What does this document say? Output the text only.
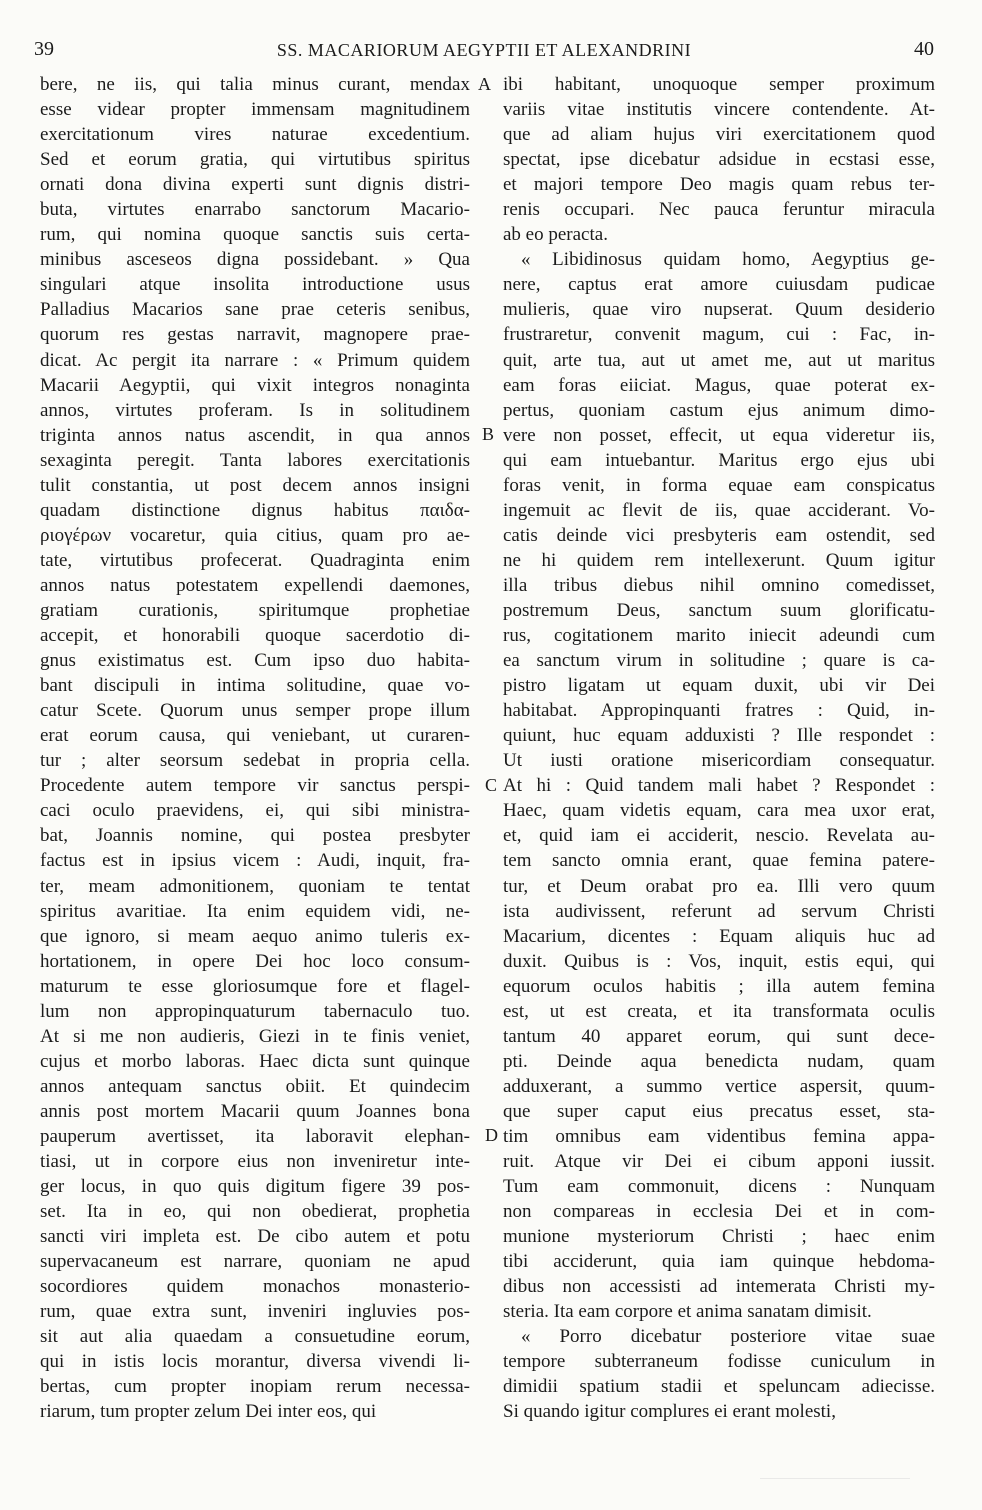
39	SS. MACARIORUM AEGYPTII ET ALEXANDRINI	40
A
B
C
D
bere, ne iis, qui talia minus curant, mendax
esse videar propter immensam magnitudinem
exercitationum vires naturae excedentium.
Sed et eorum gratia, qui virtutibus spiritus
ornati dona divina experti sunt dignis distri-
buta, virtutes enarrabo sanctorum Macario-
rum, qui nomina quoque sanctis suis certa-
minibus asceseos digna possidebant. » Qua
singulari atque insolita introductione usus
Palladius Macarios sane prae ceteris senibus,
quorum res gestas narravit, magnopere prae-
dicat. Ac pergit ita narrare : « Primum quidem
Macarii Aegyptii, qui vixit integros nonaginta
annos, virtutes proferam. Is in solitudinem
triginta annos natus ascendit, in qua annos
sexaginta peregit. Tanta labores exercitationis
tulit constantia, ut post decem annos insigni
quadam distinctione dignus habitus παιδα-
ριογέρων vocaretur, quia citius, quam pro ae-
tate, virtutibus profecerat. Quadraginta enim
annos natus potestatem expellendi daemones,
gratiam curationis, spiritumque prophetiae
accepit, et honorabili quoque sacerdotio di-
gnus existimatus est. Cum ipso duo habita-
bant discipuli in intima solitudine, quae vo-
catur Scete. Quorum unus semper prope illum
erat eorum causa, qui veniebant, ut curaren-
tur ; alter seorsum sedebat in propria cella.
Procedente autem tempore vir sanctus perspi-
caci oculo praevidens, ei, qui sibi ministra-
bat, Joannis nomine, qui postea presbyter
factus est in ipsius vicem : Audi, inquit, fra-
ter, meam admonitionem, quoniam te tentat
spiritus avaritiae. Ita enim equidem vidi, ne-
que ignoro, si meam aequo animo tuleris ex-
hortationem, in opere Dei hoc loco consum-
maturum te esse gloriosumque fore et flagel-
lum non appropinquaturum tabernaculo tuo.
At si me non audieris, Giezi in te finis veniet,
cujus et morbo laboras. Haec dicta sunt quinque
annos antequam sanctus obiit. Et quindecim
annis post mortem Macarii quum Joannes bona
pauperum avertisset, ita laboravit elephan-
tiasi, ut in corpore eius non inveniretur inte-
ger locus, in quo quis digitum figere 39 pos-
set. Ita in eo, qui non obedierat, prophetia
sancti viri impleta est. De cibo autem et potu
supervacaneum est narrare, quoniam ne apud
socordiores quidem monachos monasterio-
rum, quae extra sunt, inveniri ingluvies pos-
sit aut alia quaedam a consuetudine eorum,
qui in istis locis morantur, diversa vivendi li-
bertas, cum propter inopiam rerum necessa-
riarum, tum propter zelum Dei inter eos, qui
ibi habitant, unoquoque semper proximum
variis vitae institutis vincere contendente. At-
que ad aliam hujus viri exercitationem quod
spectat, ipse dicebatur adsidue in ecstasi esse,
et majori tempore Deo magis quam rebus ter-
renis occupari. Nec pauca feruntur miracula
ab eo peracta.
« Libidinosus quidam homo, Aegyptius ge-
nere, captus erat amore cuiusdam pudicae
mulieris, quae viro nupserat. Quum desiderio
frustraretur, convenit magum, cui : Fac, in-
quit, arte tua, aut ut amet me, aut ut maritus
eam foras eiiciat. Magus, quae poterat ex-
pertus, quoniam castum ejus animum dimo-
vere non posset, effecit, ut equa videretur iis,
qui eam intuebantur. Maritus ergo ejus ubi
foras venit, in forma equae eam conspicatus
ingemuit ac flevit de iis, quae acciderant. Vo-
catis deinde vici presbyteris eam ostendit, sed
ne hi quidem rem intellexerunt. Quum igitur
illa tribus diebus nihil omnino comedisset,
postremum Deus, sanctum suum glorificatu-
rus, cogitationem marito iniecit adeundi cum
ea sanctum virum in solitudine ; quare is ca-
pistro ligatam ut equam duxit, ubi vir Dei
habitabat. Appropinquanti fratres : Quid, in-
quiunt, huc equam adduxisti ? Ille respondet :
Ut iusti oratione misericordiam consequatur.
At hi : Quid tandem mali habet ? Respondet :
Haec, quam videtis equam, cara mea uxor erat,
et, quid iam ei acciderit, nescio. Revelata au-
tem sancto omnia erant, quae femina patere-
tur, et Deum orabat pro ea. Illi vero quum
ista audivissent, referunt ad servum Christi
Macarium, dicentes : Equam aliquis huc ad
duxit. Quibus is : Vos, inquit, estis equi, qui
equorum oculos habitis ; illa autem femina
est, ut est creata, et ita transformata oculis
tantum 40 apparet eorum, qui sunt dece-
pti. Deinde aqua benedicta nudam, quam
adduxerant, a summo vertice aspersit, quum-
que super caput eius precatus esset, sta-
tim omnibus eam videntibus femina appa-
ruit. Atque vir Dei ei cibum apponi iussit.
Tum eam commonuit, dicens : Nunquam
non compareas in ecclesia Dei et in com-
munione mysteriorum Christi ; haec enim
tibi acciderunt, quia iam quinque hebdoma-
dibus non accessisti ad intemerata Christi my-
steria. Ita eam corpore et anima sanatam dimisit.
« Porro dicebatur posteriore vitae suae
tempore subterraneum fodisse cuniculum in
dimidii spatium stadii et speluncam adiecisse.
Si quando igitur complures ei erant molesti,
